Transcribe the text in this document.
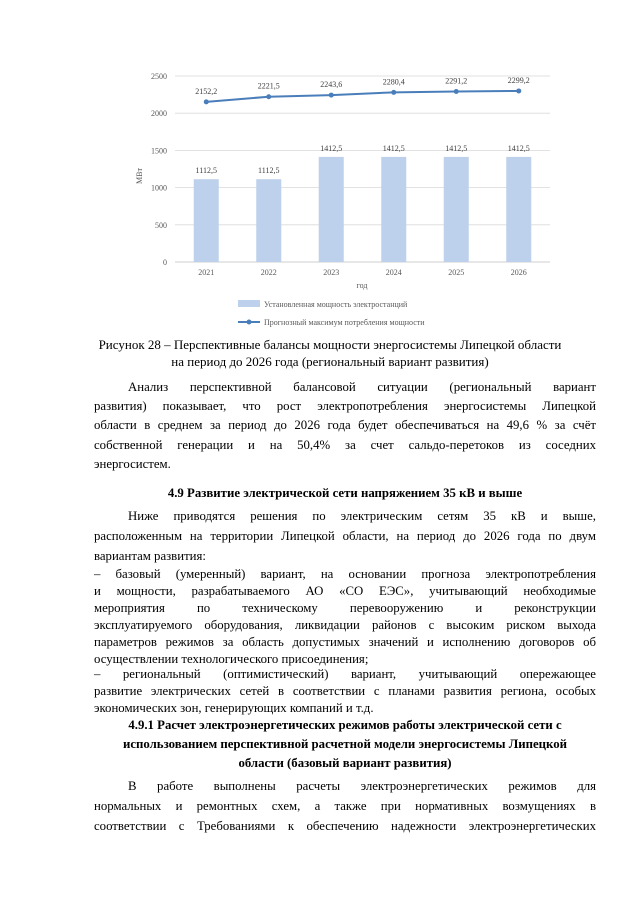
0
500
1000
1500
2000
2500
1112,5	1112,5
1412,5	1412,5	1412,5	1412,5
2152,2
2221,5	2243,6	2280,4	2291,2	2299,2
2021	2022	2023	2024	2025	2026
МВт
год
Установленная мощность электростанций
Прогнозный максимум потребления мощности
Рисунок 28 – Перспективные балансы мощности энергосистемы Липецкой области
на период до 2026 года (региональный вариант развития)
Анализ перспективной балансовой ситуации (региональный вариант
развития) показывает, что рост электропотребления энергосистемы Липецкой
области в среднем за период до 2026 года будет обеспечиваться на 49,6 % за счёт
собственной генерации и на 50,4% за счет сальдо-перетоков из соседних
энергосистем.
4.9 Развитие электрической сети напряжением 35 кВ и выше
Ниже приводятся решения по электрическим сетям 35 кВ и выше,
расположенным на территории Липецкой области, на период до 2026 года по двум
вариантам развития:
– базовый (умеренный) вариант, на основании прогноза электропотребления
и мощности, разрабатываемого АО «СО ЕЭС», учитывающий необходимые
мероприятия по техническому перевооружению и реконструкции
эксплуатируемого оборудования, ликвидации районов с высоким риском выхода
параметров режимов за область допустимых значений и исполнению договоров об
осуществлении технологического присоединения;
– региональный (оптимистический) вариант, учитывающий опережающее
развитие электрических сетей в соответствии с планами развития региона, особых
экономических зон, генерирующих компаний и т.д.
4.9.1 Расчет электроэнергетических режимов работы электрической сети с
использованием перспективной расчетной модели энергосистемы Липецкой
области (базовый вариант развития)
В работе выполнены расчеты электроэнергетических режимов для
нормальных и ремонтных схем, а также при нормативных возмущениях в
соответствии с Требованиями к обеспечению надежности электроэнергетических
